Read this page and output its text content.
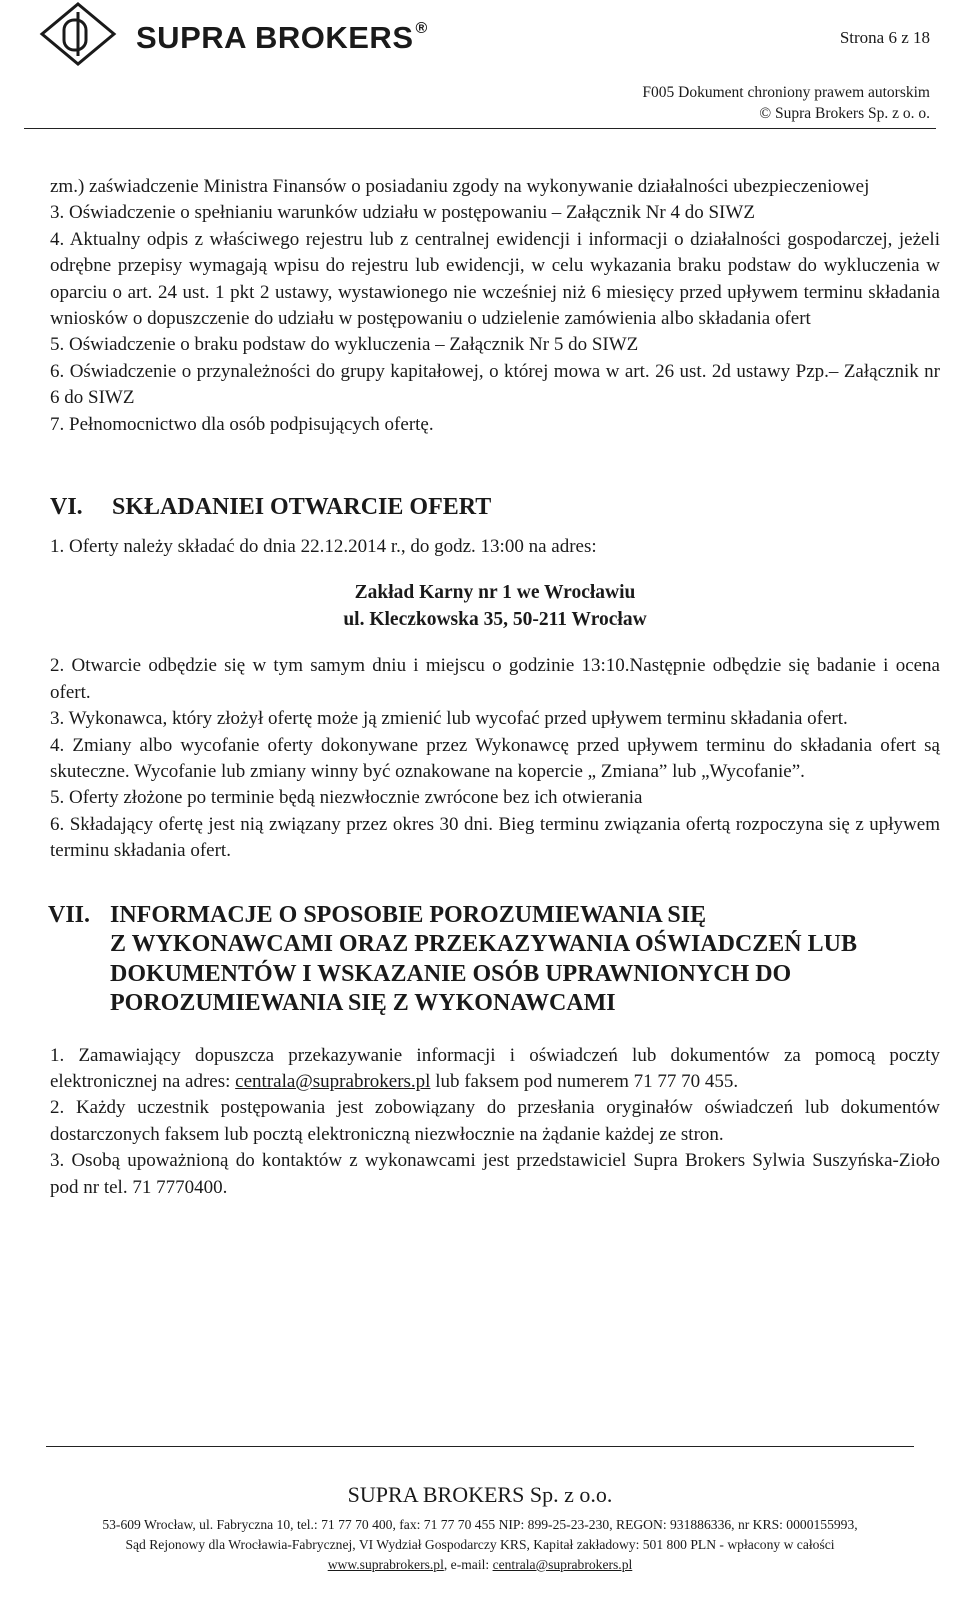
SUPRA BROKERS ®	Strona 6 z 18
F005 Dokument chroniony prawem autorskim
© Supra Brokers Sp. z o. o.

zm.) zaświadczenie Ministra Finansów o posiadaniu zgody na wykonywanie działalności ubezpieczeniowej

3. Oświadczenie o spełnianiu warunków udziału w postępowaniu – Załącznik Nr 4 do SIWZ

4. Aktualny odpis z właściwego rejestru lub z centralnej ewidencji i informacji o działalności gospodarczej, jeżeli odrębne przepisy wymagają wpisu do rejestru lub ewidencji, w celu wykazania braku podstaw do wykluczenia w oparciu o art. 24 ust. 1 pkt 2 ustawy, wystawionego nie wcześniej niż 6 miesięcy przed upływem terminu składania wniosków o dopuszczenie do udziału w postępowaniu o udzielenie zamówienia albo składania ofert

5. Oświadczenie o braku podstaw do wykluczenia – Załącznik Nr 5 do SIWZ

6. Oświadczenie o przynależności do grupy kapitałowej, o której mowa w art. 26 ust. 2d ustawy Pzp.– Załącznik nr 6 do SIWZ

7. Pełnomocnictwo dla osób podpisujących ofertę.

VI.	SKŁADANIEI OTWARCIE OFERT

1. Oferty należy składać do dnia 22.12.2014 r., do godz. 13:00 na adres:

Zakład Karny nr 1 we Wrocławiu

ul. Kleczkowska 35, 50-211 Wrocław

2. Otwarcie odbędzie się w tym samym dniu i miejscu o godzinie 13:10.Następnie odbędzie się badanie i ocena ofert.

3. Wykonawca, który złożył ofertę może ją zmienić lub wycofać przed upływem terminu składania ofert.

4. Zmiany albo wycofanie oferty dokonywane przez Wykonawcę przed upływem terminu do składania ofert są skuteczne. Wycofanie lub zmiany winny być oznakowane na kopercie „ Zmiana” lub „Wycofanie”.

5. Oferty złożone po terminie będą niezwłocznie zwrócone bez ich otwierania

6. Składający ofertę jest nią związany przez okres 30 dni. Bieg terminu związania ofertą rozpoczyna się z upływem terminu składania ofert.

VII. INFORMACJE O SPOSOBIE POROZUMIEWANIA SIĘ
Z WYKONAWCAMI ORAZ PRZEKAZYWANIA OŚWIADCZEŃ LUB
DOKUMENTÓW I WSKAZANIE OSÓB UPRAWNIONYCH DO
POROZUMIEWANIA SIĘ Z WYKONAWCAMI

1. Zamawiający dopuszcza przekazywanie informacji i oświadczeń lub dokumentów za pomocą poczty elektronicznej na adres: centrala@suprabrokers.pl lub faksem pod numerem 71 77 70 455.

2. Każdy uczestnik postępowania jest zobowiązany do przesłania oryginałów oświadczeń lub dokumentów dostarczonych faksem lub pocztą elektroniczną niezwłocznie na żądanie każdej ze stron.

3. Osobą upoważnioną do kontaktów z wykonawcami jest przedstawiciel Supra Brokers Sylwia Suszyńska-Zioło pod nr tel. 71 7770400.

SUPRA BROKERS Sp. z o.o.
53-609 Wrocław, ul. Fabryczna 10, tel.: 71 77 70 400, fax: 71 77 70 455 NIP: 899-25-23-230, REGON: 931886336, nr KRS: 0000155993,
Sąd Rejonowy dla Wrocławia-Fabrycznej, VI Wydział Gospodarczy KRS, Kapitał zakładowy: 501 800 PLN - wpłacony w całości
www.suprabrokers.pl, e-mail: centrala@suprabrokers.pl
